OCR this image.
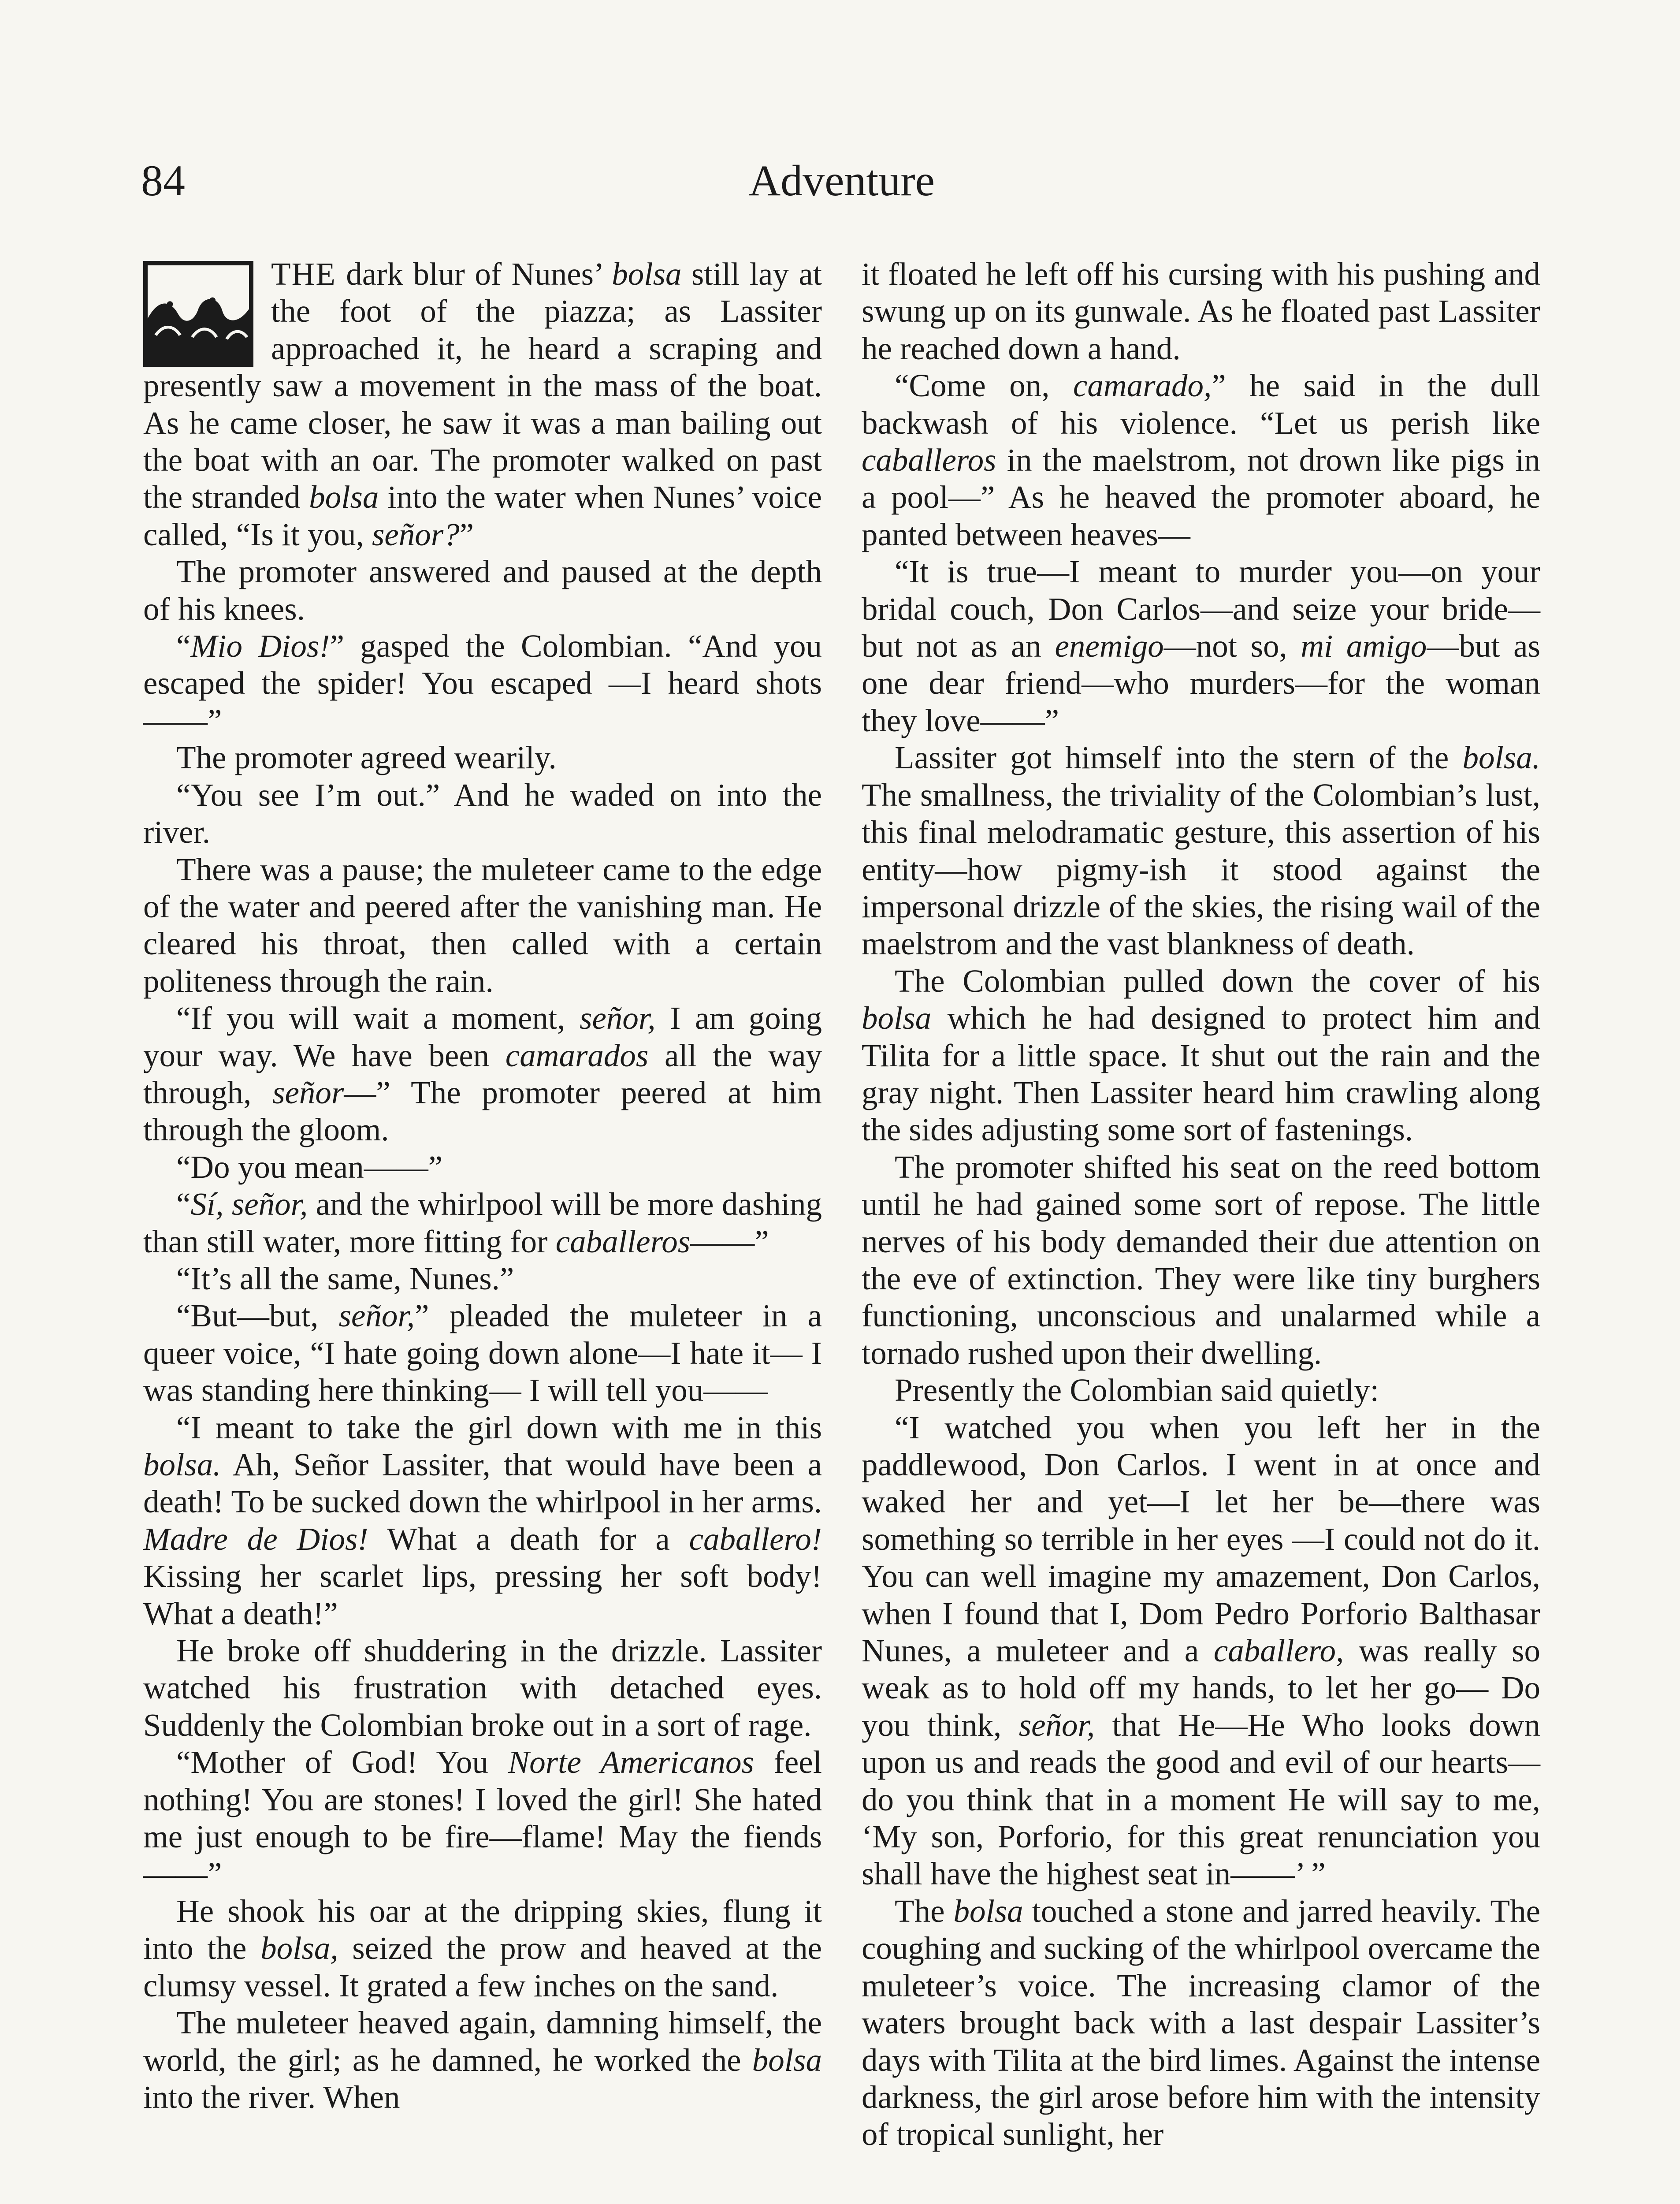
84	Adventure

THE dark blur of Nunes’ bolsa still lay at the foot of the piazza; as Lassiter approached it, he heard a scraping and presently saw a movement in the mass of the boat. As he came closer, he saw it was a man bailing out the boat with an oar. The promoter walked on past the stranded bolsa into the water when Nunes’ voice called, “Is it you, señor?”

The promoter answered and paused at the depth of his knees.

“Mio Dios!” gasped the Colombian. “And you escaped the spider! You escaped —I heard shots——”

The promoter agreed wearily.

“You see I’m out.” And he waded on into the river.

There was a pause; the muleteer came to the edge of the water and peered after the vanishing man. He cleared his throat, then called with a certain politeness through the rain.

“If you will wait a moment, señor, I am going your way. We have been camarados all the way through, señor—” The promoter peered at him through the gloom.

“Do you mean——”

“Sí, señor, and the whirlpool will be more dashing than still water, more fitting for caballeros——”

“It’s all the same, Nunes.”

“But—but, señor,” pleaded the muleteer in a queer voice, “I hate going down alone—I hate it— I was standing here thinking— I will tell you——

“I meant to take the girl down with me in this bolsa. Ah, Señor Lassiter, that would have been a death! To be sucked down the whirlpool in her arms. Madre de Dios! What a death for a caballero! Kissing her scarlet lips, pressing her soft body! What a death!”

He broke off shuddering in the drizzle. Lassiter watched his frustration with detached eyes. Suddenly the Colombian broke out in a sort of rage.

“Mother of God! You Norte Americanos feel nothing! You are stones! I loved the girl! She hated me just enough to be fire—flame! May the fiends——”

He shook his oar at the dripping skies, flung it into the bolsa, seized the prow and heaved at the clumsy vessel. It grated a few inches on the sand.

The muleteer heaved again, damning himself, the world, the girl; as he damned, he worked the bolsa into the river. When

it floated he left off his cursing with his pushing and swung up on its gunwale. As he floated past Lassiter he reached down a hand.

“Come on, camarado,” he said in the dull backwash of his violence. “Let us perish like caballeros in the maelstrom, not drown like pigs in a pool—” As he heaved the promoter aboard, he panted between heaves—

“It is true—I meant to murder you—on your bridal couch, Don Carlos—and seize your bride—but not as an enemigo—not so, mi amigo—but as one dear friend—who murders—for the woman they love——”

Lassiter got himself into the stern of the bolsa. The smallness, the triviality of the Colombian’s lust, this final melodramatic gesture, this assertion of his entity—how pigmy-ish it stood against the impersonal drizzle of the skies, the rising wail of the maelstrom and the vast blankness of death.

The Colombian pulled down the cover of his bolsa which he had designed to protect him and Tilita for a little space. It shut out the rain and the gray night. Then Lassiter heard him crawling along the sides adjusting some sort of fastenings.

The promoter shifted his seat on the reed bottom until he had gained some sort of repose. The little nerves of his body demanded their due attention on the eve of extinction. They were like tiny burghers functioning, unconscious and unalarmed while a tornado rushed upon their dwelling.

Presently the Colombian said quietly:

“I watched you when you left her in the paddlewood, Don Carlos. I went in at once and waked her and yet—I let her be—there was something so terrible in her eyes —I could not do it. You can well imagine my amazement, Don Carlos, when I found that I, Dom Pedro Porforio Balthasar Nunes, a muleteer and a caballero, was really so weak as to hold off my hands, to let her go— Do you think, señor, that He—He Who looks down upon us and reads the good and evil of our hearts—do you think that in a moment He will say to me, ‘My son, Porforio, for this great renunciation you shall have the highest seat in——’ ”

The bolsa touched a stone and jarred heavily. The coughing and sucking of the whirlpool overcame the muleteer’s voice. The increasing clamor of the waters brought back with a last despair Lassiter’s days with Tilita at the bird limes. Against the intense darkness, the girl arose before him with the intensity of tropical sunlight, her
